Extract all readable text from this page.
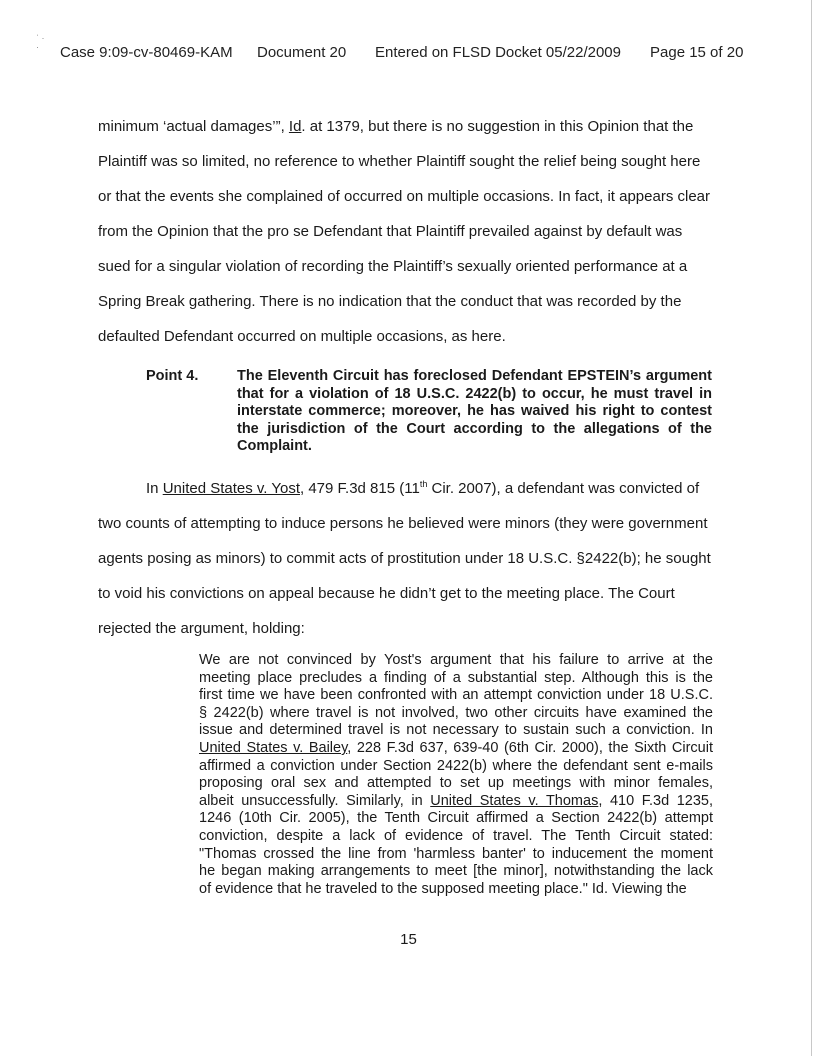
ˈ ·
·	Case 9:09-cv-80469-KAM Document 20 Entered on FLSD Docket 05/22/2009 Page 15 of 20
minimum ‘actual damages’”, Id. at 1379, but there is no suggestion in this Opinion that the
Plaintiff was so limited, no reference to whether Plaintiff sought the relief being sought here
or that the events she complained of occurred on multiple occasions. In fact, it appears clear
from the Opinion that the pro se Defendant that Plaintiff prevailed against by default was
sued for a singular violation of recording the Plaintiff’s sexually oriented performance at a
Spring Break gathering. There is no indication that the conduct that was recorded by the
defaulted Defendant occurred on multiple occasions, as here.
Point 4.	The Eleventh Circuit has foreclosed Defendant EPSTEIN’s argument that for a violation of 18 U.S.C. 2422(b) to occur, he must travel in interstate commerce; moreover, he has waived his right to contest the jurisdiction of the Court according to the allegations of the Complaint.
In United States v. Yost, 479 F.3d 815 (11th Cir. 2007), a defendant was convicted of
two counts of attempting to induce persons he believed were minors (they were government
agents posing as minors) to commit acts of prostitution under 18 U.S.C. §2422(b); he sought
to void his convictions on appeal because he didn’t get to the meeting place. The Court
rejected the argument, holding:
We are not convinced by Yost's argument that his failure to arrive at the
meeting place precludes a finding of a substantial step. Although this is the
first time we have been confronted with an attempt conviction under 18 U.S.C.
§ 2422(b) where travel is not involved, two other circuits have examined the
issue and determined travel is not necessary to sustain such a conviction. In
United States v. Bailey, 228 F.3d 637, 639-40 (6th Cir. 2000), the Sixth Circuit
affirmed a conviction under Section 2422(b) where the defendant sent e-mails
proposing oral sex and attempted to set up meetings with minor females,
albeit unsuccessfully. Similarly, in United States v. Thomas, 410 F.3d 1235,
1246 (10th Cir. 2005), the Tenth Circuit affirmed a Section 2422(b) attempt
conviction, despite a lack of evidence of travel. The Tenth Circuit stated:
"Thomas crossed the line from 'harmless banter' to inducement the moment
he began making arrangements to meet [the minor], notwithstanding the lack
of evidence that he traveled to the supposed meeting place." Id. Viewing the
15
